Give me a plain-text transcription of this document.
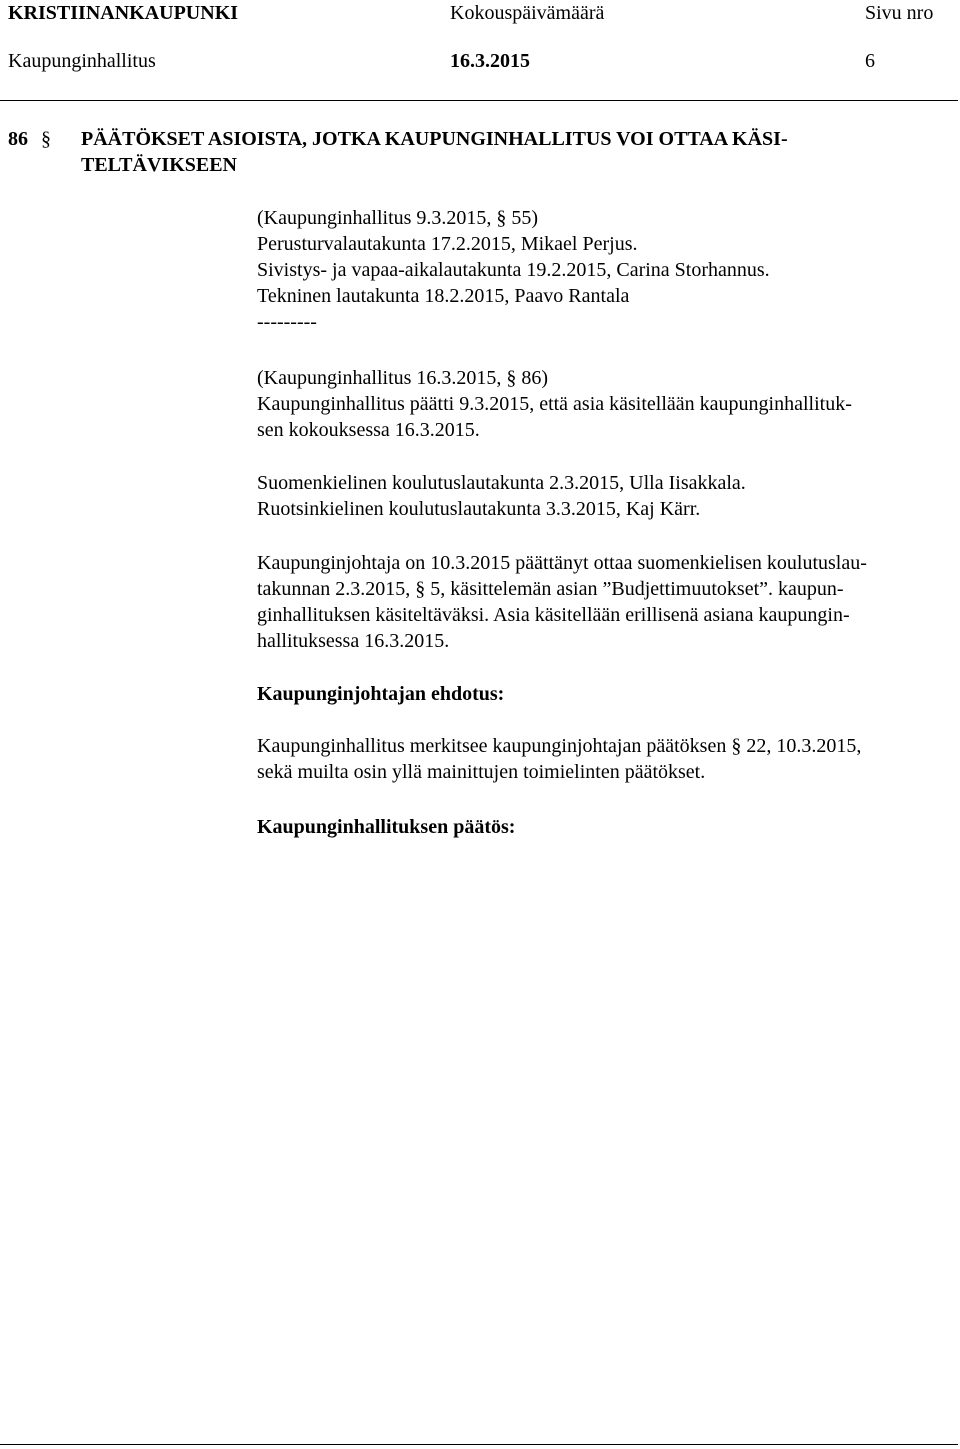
KRISTIINANKAUPUNKI	Kokouspäivämäärä	Sivu nro
Kaupunginhallitus	16.3.2015	6
86 § PÄÄTÖKSET ASIOISTA, JOTKA KAUPUNGINHALLITUS VOI OTTAA KÄSI-
TELTÄVIKSEEN
(Kaupunginhallitus 9.3.2015, § 55)
Perusturvalautakunta 17.2.2015, Mikael Perjus.
Sivistys- ja vapaa-aikalautakunta 19.2.2015, Carina Storhannus.
Tekninen lautakunta 18.2.2015, Paavo Rantala
---------
(Kaupunginhallitus 16.3.2015, § 86)
Kaupunginhallitus päätti 9.3.2015, että asia käsitellään kaupunginhallituk-
sen kokouksessa 16.3.2015.
Suomenkielinen koulutuslautakunta 2.3.2015, Ulla Iisakkala.
Ruotsinkielinen koulutuslautakunta 3.3.2015, Kaj Kärr.
Kaupunginjohtaja on 10.3.2015 päättänyt ottaa suomenkielisen koulutuslau-
takunnan 2.3.2015, § 5, käsittelemän asian ”Budjettimuutokset”. kaupun-
ginhallituksen käsiteltäväksi. Asia käsitellään erillisenä asiana kaupungin-
hallituksessa 16.3.2015.
Kaupunginjohtajan ehdotus:
Kaupunginhallitus merkitsee kaupunginjohtajan päätöksen § 22, 10.3.2015,
sekä muilta osin yllä mainittujen toimielinten päätökset.
Kaupunginhallituksen päätös:
